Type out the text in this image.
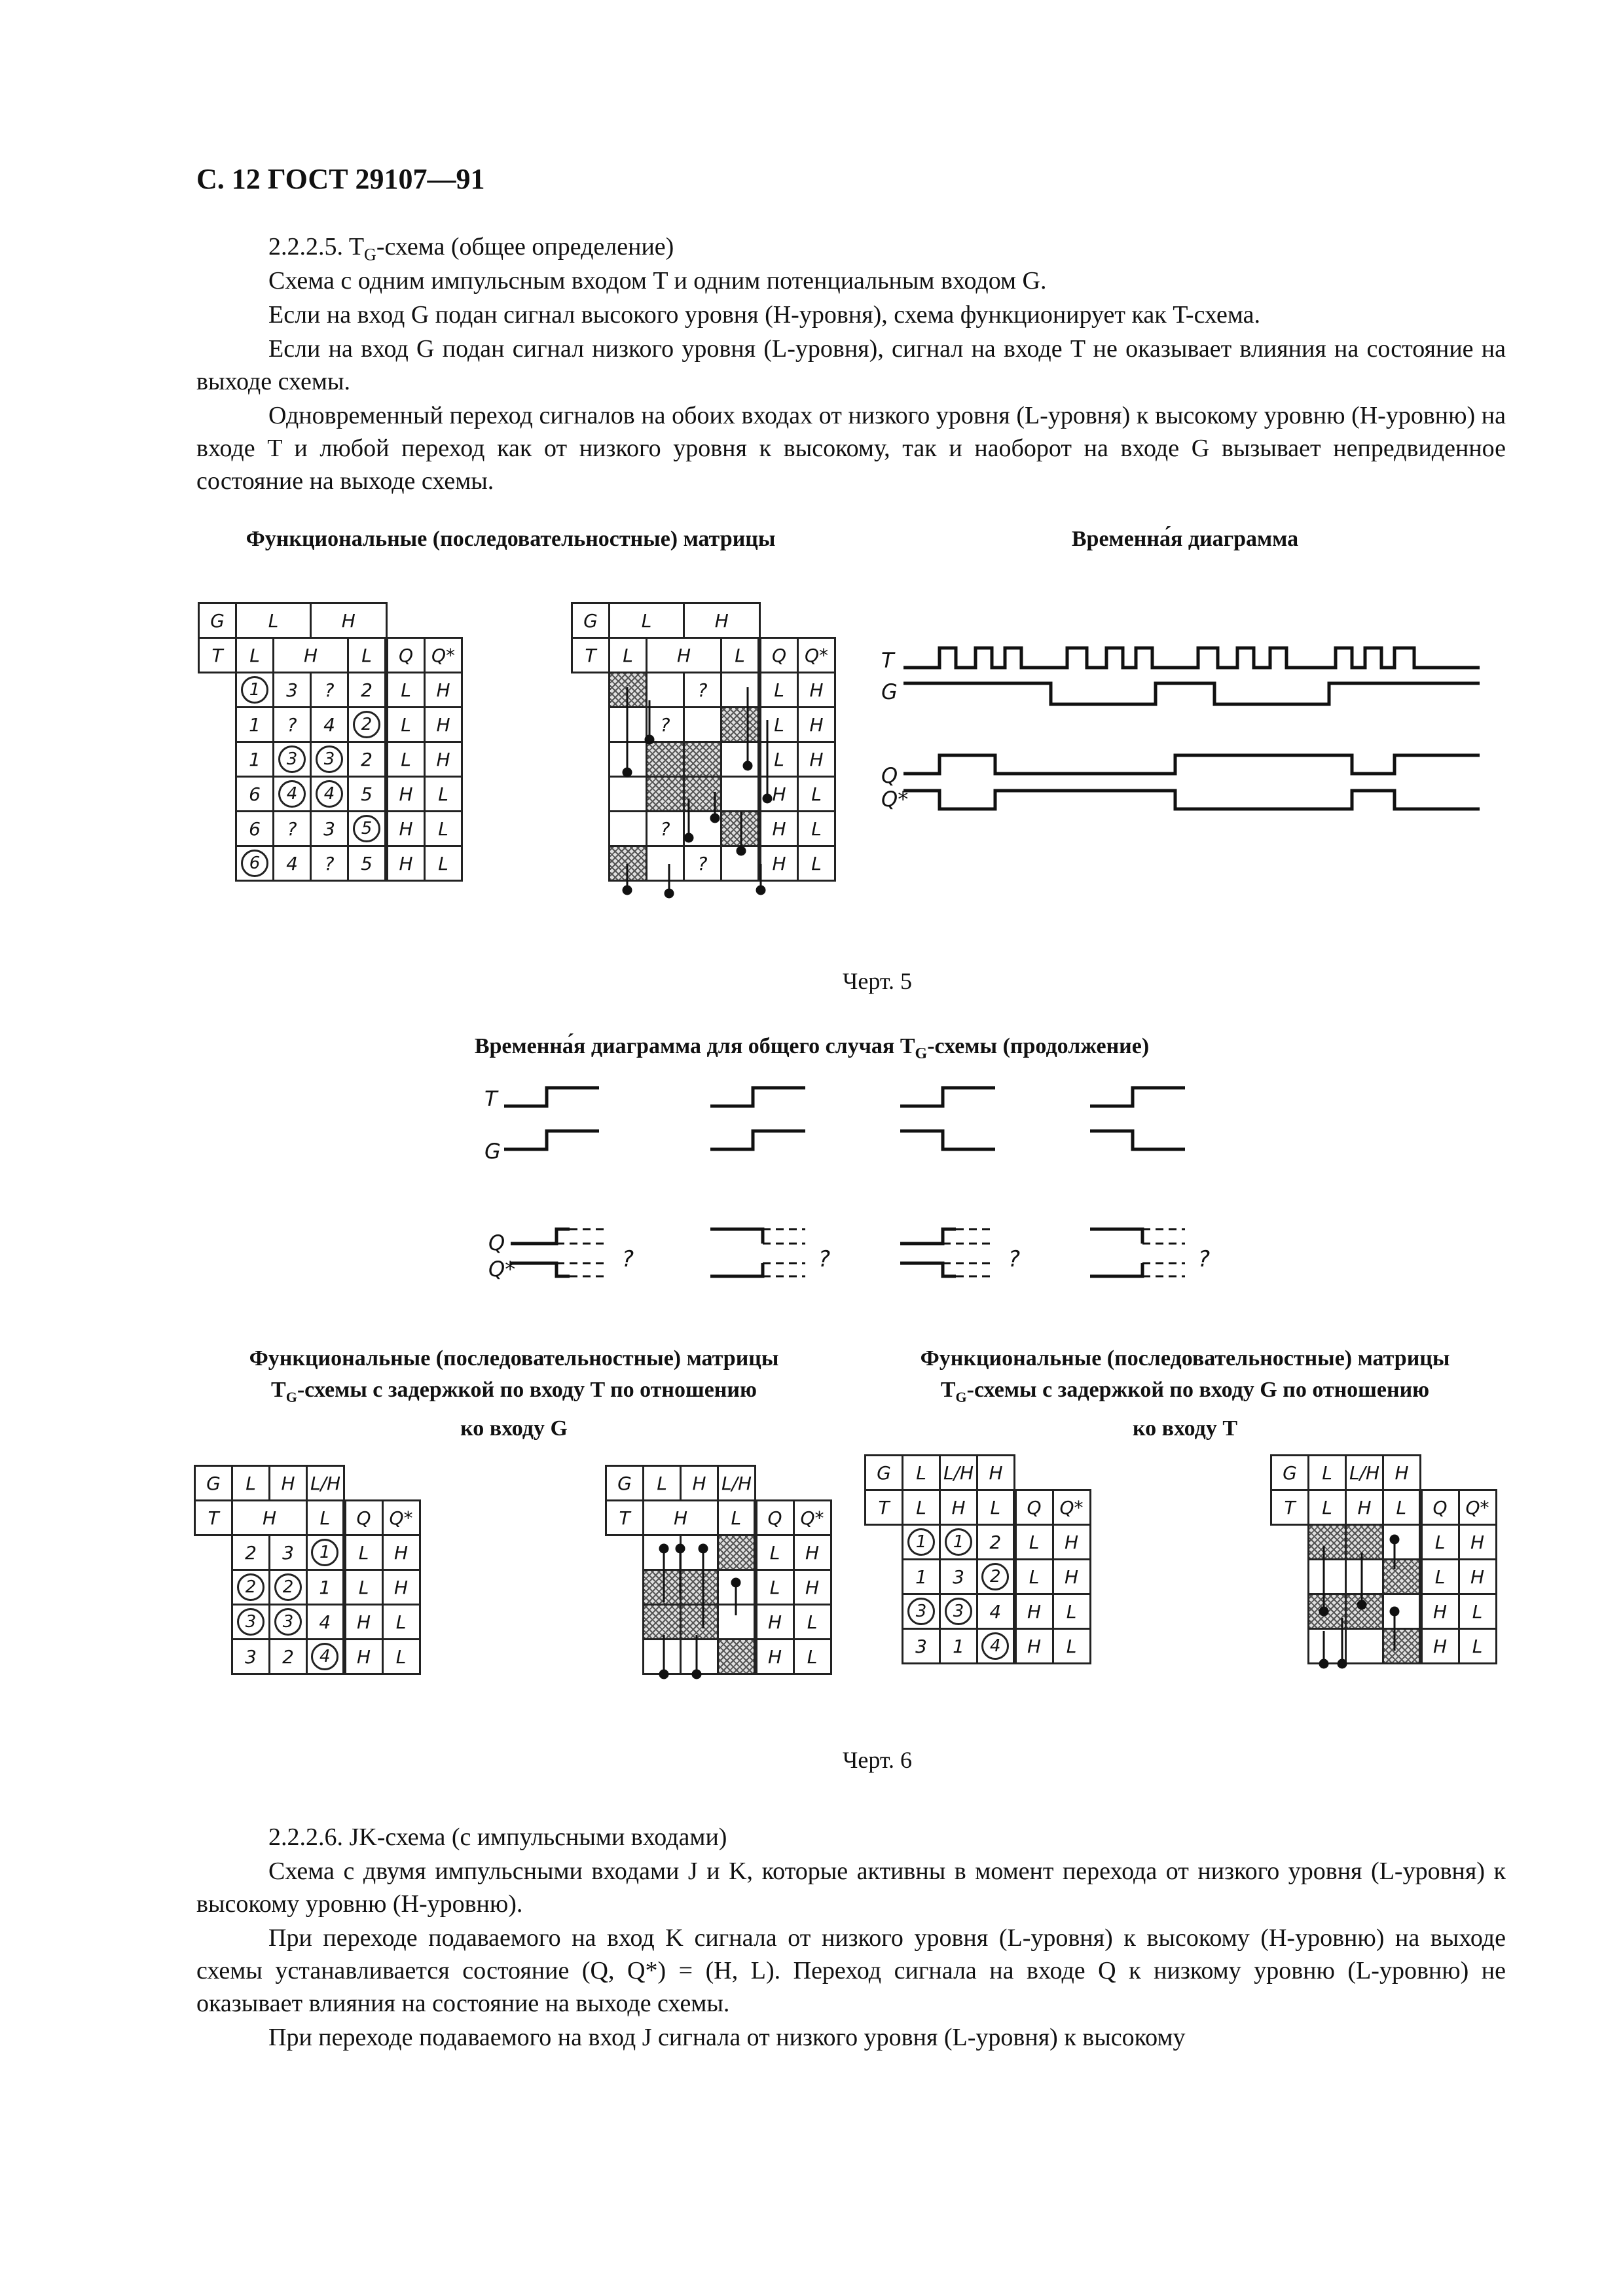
С. 12 ГОСТ 29107—91
2.2.2.5. $T_G$-схема (общее определение)
Схема с одним импульсным входом T и одним потенциальным входом G.
Если на вход G подан сигнал высокого уровня (H-уровня), схема функционирует как T-схема.
Если на вход G подан сигнал низкого уровня (L-уровня), сигнал на входе T не оказывает влияния на состояние на выходе схемы.
Одновременный переход сигналов на обоих входах от низкого уровня (L-уровня) к высокому уровню (H-уровню) на входе T и любой переход как от низкого уровня к высокому, так и наоборот на входе G вызывает непредвиденное состояние на выходе схемы.
Функциональные (последовательностные) матрицы	Временна́я диаграмма
G	L		H			
T	L	H		L	Q	Q*
	1	3	?	2	L	H
	1	?	4	2	L	H
	1	3	3	2	L	H
	6	4	4	5	H	L
	6	?	3	5	H	L
	6	4	?	5	H	L
G	L		H			
T	L	H		L	Q	Q*
			?		L	H
		?			L	H
					L	H
					H	L
		?			H	L
			?		H	L
T
G
Q
Q*
Черт. 5
Временна́я диаграмма для общего случая $T_G$-схемы (продолжение)
T
G
Q
Q*	?	?	?	?
Функциональные (последовательностные) матрицы
$T_G$-схемы с задержкой по входу T по отношению
ко входу G
Функциональные (последовательностные) матрицы
$T_G$-схемы с задержкой по входу G по отношению
ко входу T
G	L	H	L/H		
T	H		L	Q	Q*
	2	3	1	L	H
	2	2	1	L	H
	3	3	4	H	L
	3	2	4	H	L
G	L	H	L/H		
T	H		L	Q	Q*
				L	H
				L	H
				H	L
				H	L
G	L	L/H	H		
T	L	H	L	Q	Q*
	1	1	2	L	H
	1	3	2	L	H
	3	3	4	H	L
	3	1	4	H	L
G	L	L/H	H		
T	L	H	L	Q	Q*
				L	H
				L	H
				H	L
				H	L
Черт. 6
2.2.2.6. JK-схема (с импульсными входами)
Схема с двумя импульсными входами J и K, которые активны в момент перехода от низкого уровня (L-уровня) к высокому уровню (H-уровню).
При переходе подаваемого на вход K сигнала от низкого уровня (L-уровня) к высокому (H-уровню) на выходе схемы устанавливается состояние (Q, Q*) = (H, L). Переход сигнала на входе Q к низкому уровню (L-уровню) не оказывает влияния на состояние на выходе схемы.
При переходе подаваемого на вход J сигнала от низкого уровня (L-уровня) к высокому
